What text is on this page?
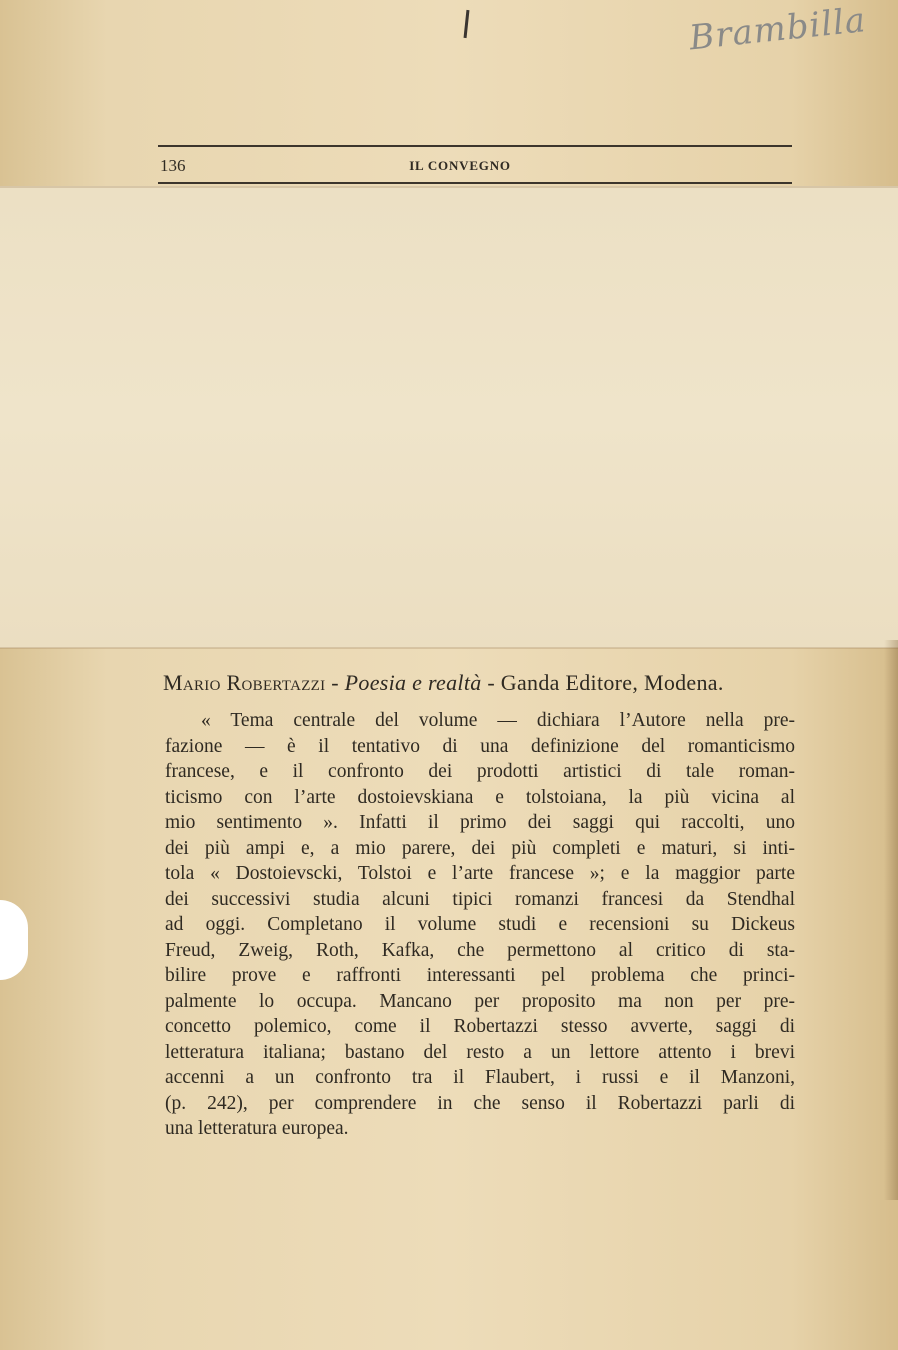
Brambilla
136	IL CONVEGNO
Mario Robertazzi - Poesia e realtà - Ganda Editore, Modena.
« Tema centrale del volume — dichiara l’Autore nella pre-
fazione — è il tentativo di una definizione del romanticismo
francese, e il confronto dei prodotti artistici di tale roman-
ticismo con l’arte dostoievskiana e tolstoiana, la più vicina al
mio sentimento ». Infatti il primo dei saggi qui raccolti, uno
dei più ampi e, a mio parere, dei più completi e maturi, si inti-
tola « Dostoievscki, Tolstoi e l’arte francese »; e la maggior parte
dei successivi studia alcuni tipici romanzi francesi da Stendhal
ad oggi. Completano il volume studi e recensioni su Dickeus
Freud, Zweig, Roth, Kafka, che permettono al critico di sta-
bilire prove e raffronti interessanti pel problema che princi-
palmente lo occupa. Mancano per proposito ma non per pre-
concetto polemico, come il Robertazzi stesso avverte, saggi di
letteratura italiana; bastano del resto a un lettore attento i brevi
accenni a un confronto tra il Flaubert, i russi e il Manzoni,
(p. 242), per comprendere in che senso il Robertazzi parli di
una letteratura europea.
